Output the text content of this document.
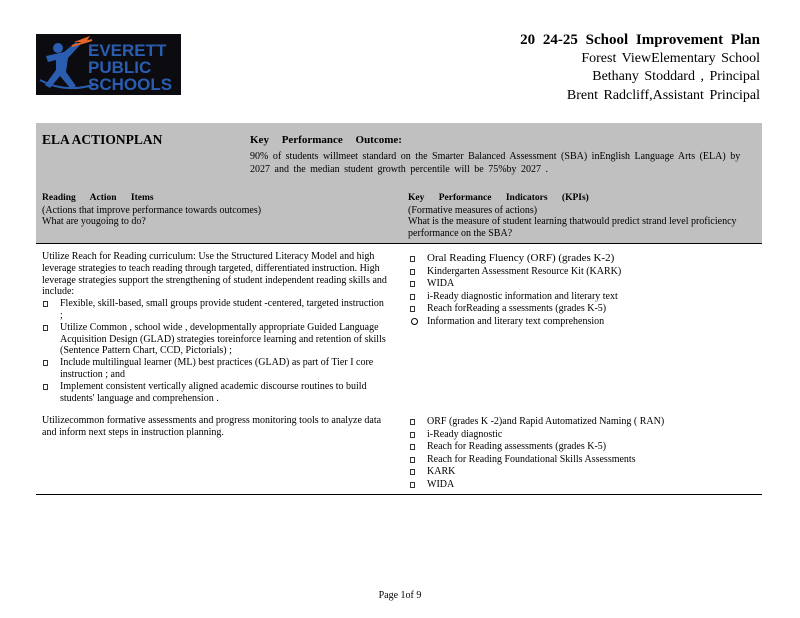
EVERETT
PUBLIC
SCHOOLS
20 24-25 School Improvement Plan
Forest ViewElementary School
Bethany Stoddard , Principal
Brent Radcliff,Assistant Principal
ELA ACTIONPLAN	Key Performance Outcome:
90% of students willmeet standard on the Smarter Balanced Assessment (SBA) inEnglish Language Arts (ELA) by 2027 and the median student growth percentile will be 75%by 2027 .
Reading Action Items
(Actions that improve performance towards outcomes)
What are yougoing to do?
Key Performance Indicators (KPIs)
(Formative measures of actions)
What is the measure of student learning thatwould predict strand level proficiency performance on the SBA?
Utilize Reach for Reading curriculum: Use the Structured Literacy Model and high leverage strategies to teach reading through targeted, differentiated instruction. High leverage strategies support the strengthening of student independent reading skills and include:
Flexible, skill-based, small groups provide student -centered, targeted instruction ;
Utilize Common , school wide , developmentally appropriate Guided Language Acquisition Design (GLAD) strategies toreinforce learning and retention of skills (Sentence Pattern Chart, CCD, Pictorials) ;
Include multilingual learner (ML) best practices (GLAD) as part of Tier I core instruction ; and
Implement consistent vertically aligned academic discourse routines to build students' language and comprehension .
Oral Reading Fluency (ORF) (grades K-2)
Kindergarten Assessment Resource Kit (KARK)
WIDA
i-Ready diagnostic information and literary text
Reach forReading a ssessments (grades K-5)
Information and literary text comprehension
Utilizecommon formative assessments and progress monitoring tools to analyze data and inform next steps in instruction planning.
ORF (grades K -2)and Rapid Automatized Naming ( RAN)
i-Ready diagnostic
Reach for Reading assessments (grades K-5)
Reach for Reading Foundational Skills Assessments
KARK
WIDA
Page 1of 9
